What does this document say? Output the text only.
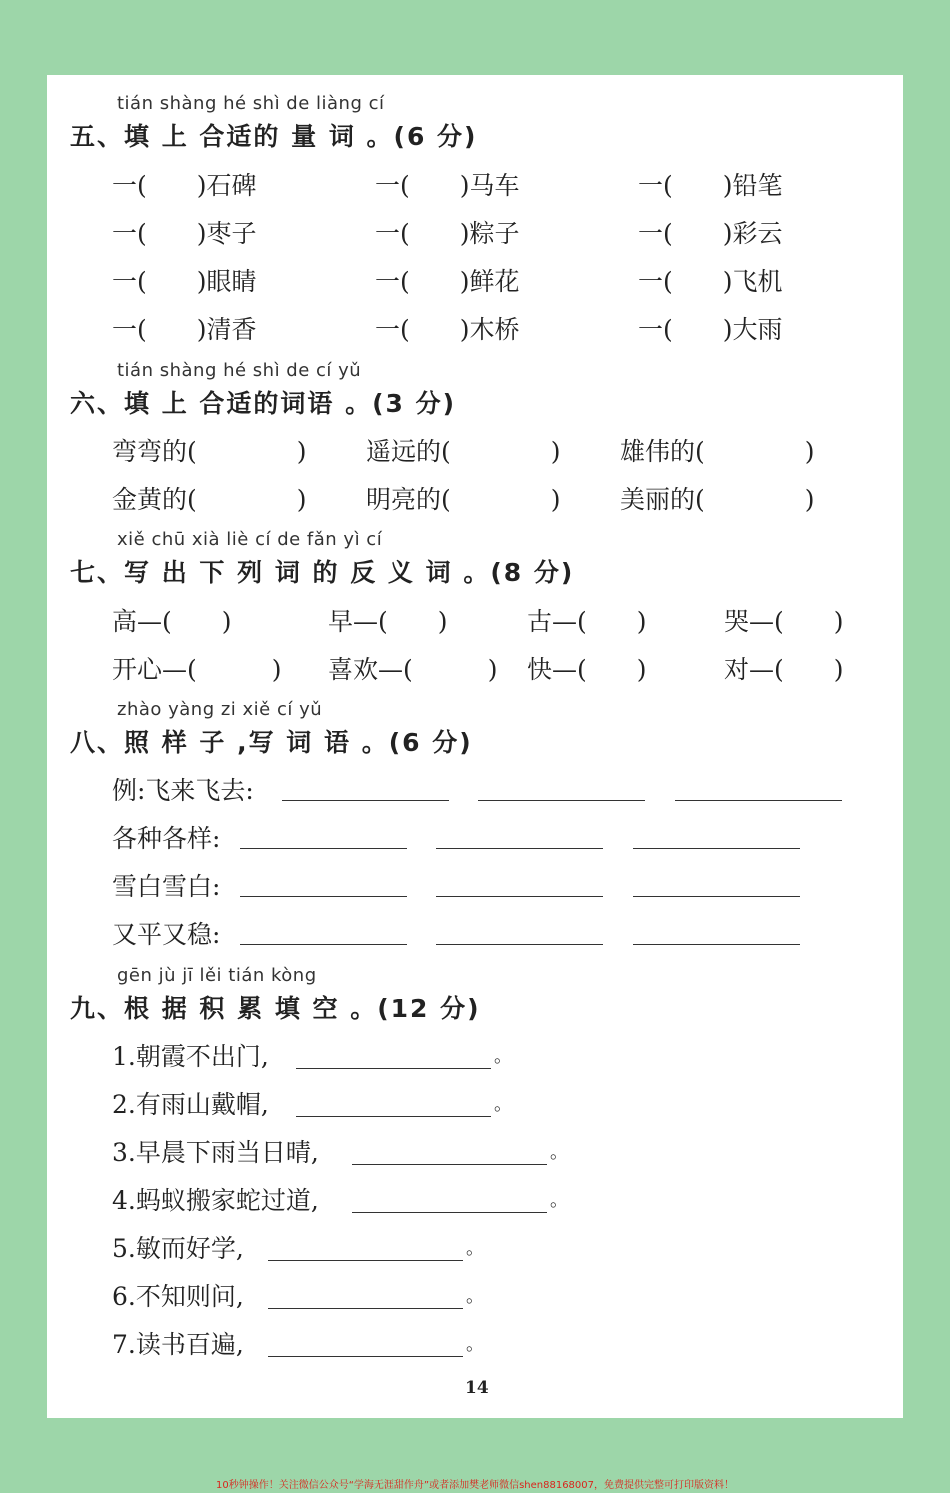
tián shàng hé shì de liàng cí
五、填 上 合适的 量 词 。(6 分)
一(　　)石碑	一(　　)马车	一(　　)铅笔
一(　　)枣子	一(　　)粽子	一(　　)彩云
一(　　)眼睛	一(　　)鲜花	一(　　)飞机
一(　　)清香	一(　　)木桥	一(　　)大雨
tián shàng hé shì de cí yǔ
六、填 上 合适的词语 。(3 分)
弯弯的(　　　　) 遥远的(　　　　) 雄伟的(　　　　)
金黄的(　　　　) 明亮的(　　　　) 美丽的(　　　　)
xiě chū xià liè cí de fǎn yì cí
七、写 出 下 列 词 的 反 义 词 。(8 分)
高—(　　)	早—(　　)	古—(　　)	哭—(　　)
开心—(　　　) 喜欢—(　　　) 快—(　　)	对—(　　)
zhào yàng zi xiě cí yǔ
八、照 样 子 ,写 词 语 。(6 分)
例:飞来飞去:
各种各样:
雪白雪白:
又平又稳:
gēn jù jī lěi tián kòng
九、根 据 积 累 填 空 。(12 分)
1.朝霞不出门,	。
2.有雨山戴帽,	。
3.早晨下雨当日晴,	。
4.蚂蚁搬家蛇过道,	。
5.敏而好学,	。
6.不知则问,	。
7.读书百遍,	。
14
10秒钟操作！关注微信公众号“学海无涯甜作舟”或者添加樊老师微信shen88168007，免费提供完整可打印版资料！
